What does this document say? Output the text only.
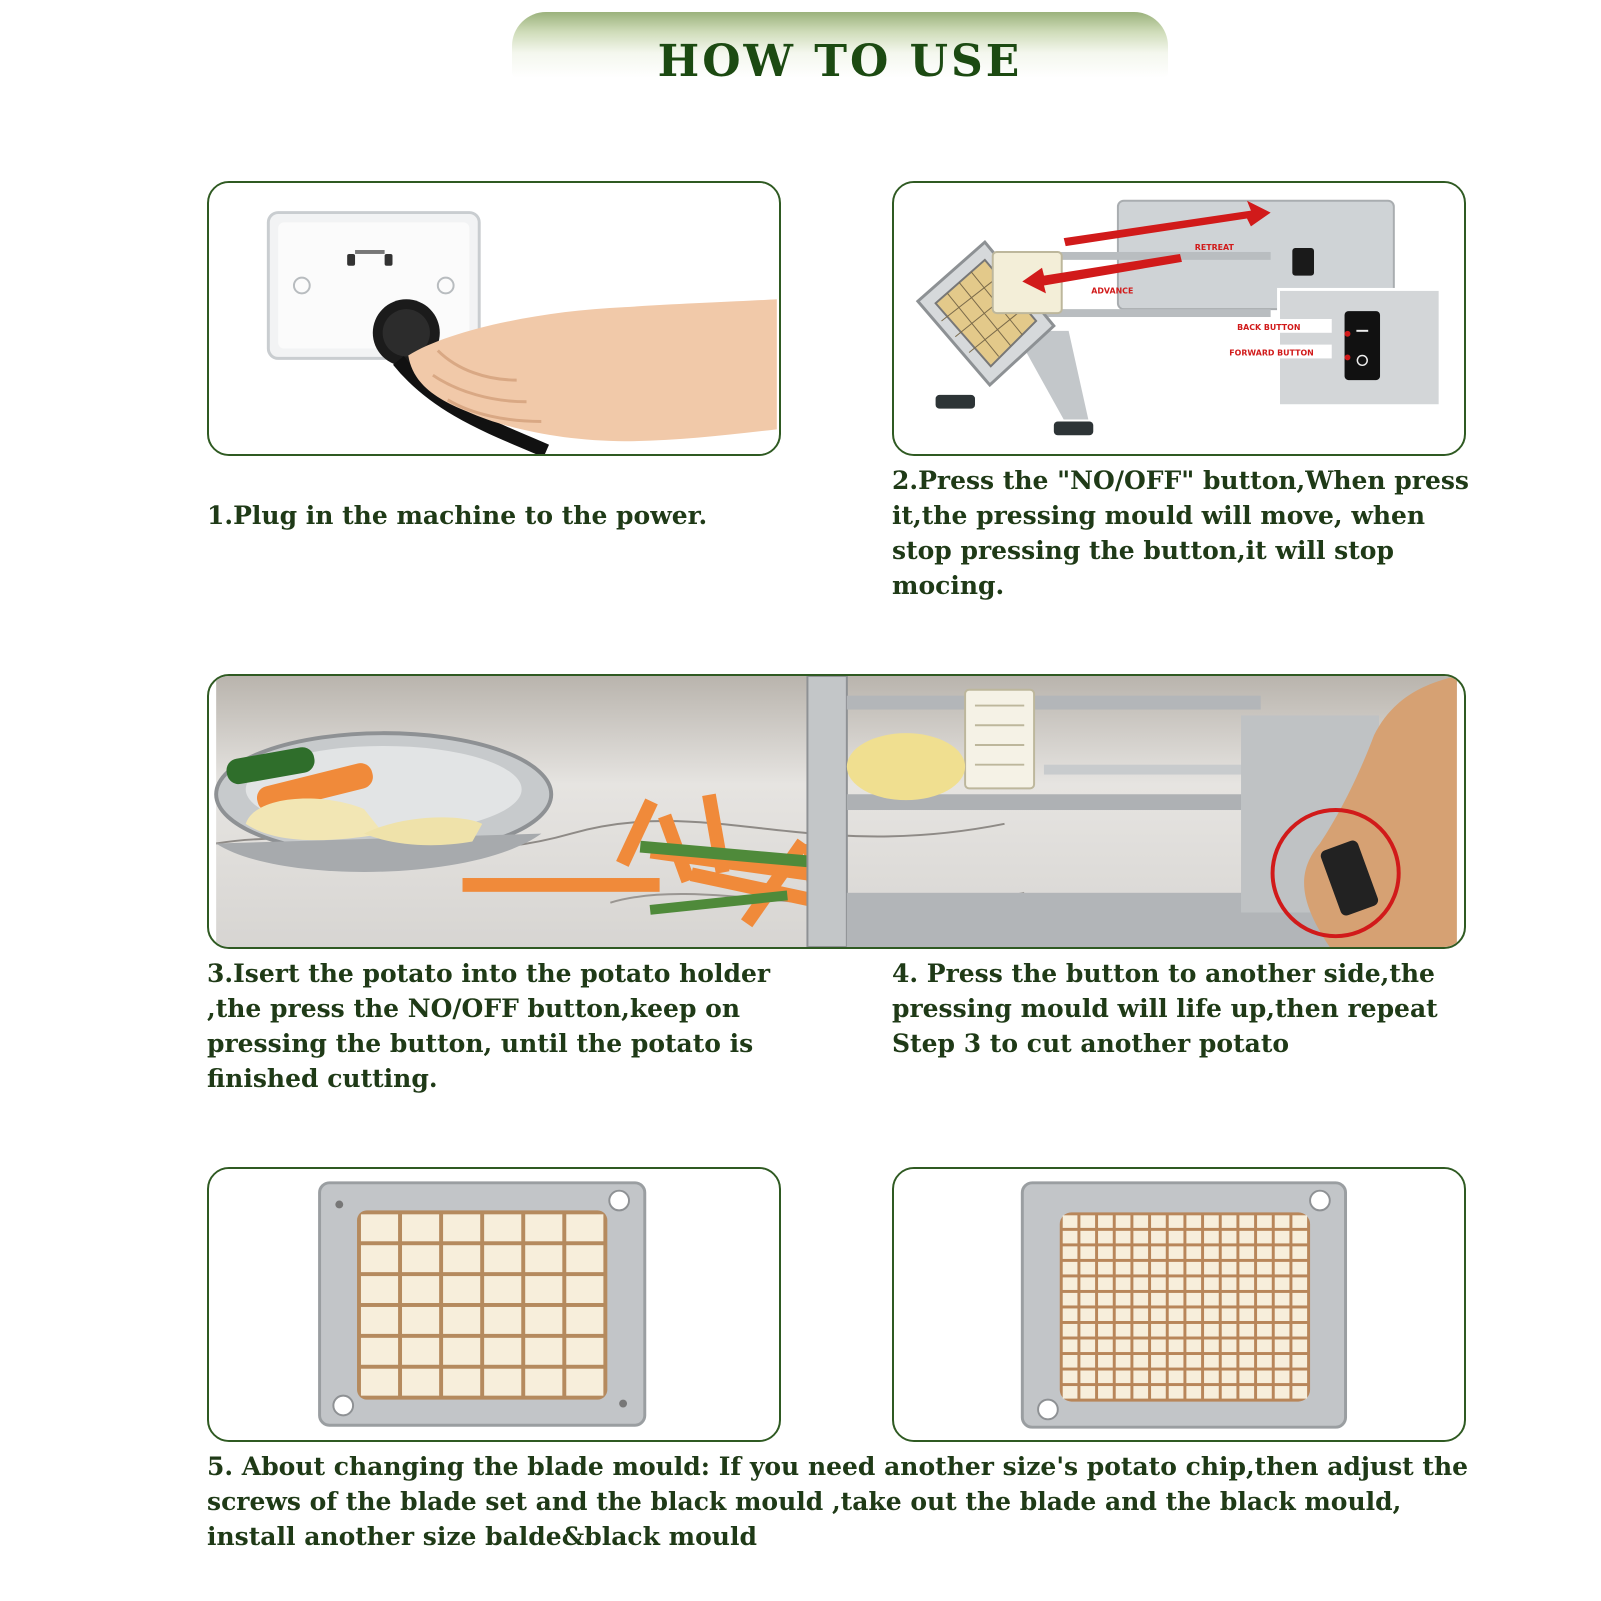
HOW TO USE
RETREAT
ADVANCE
BACK BUTTON
FORWARD BUTTON

1.Plug in the machine to the power.

2.Press the "NO/OFF" button,When press it,the pressing mould will move, when stop pressing the button,it will stop mocing.

3.Isert the potato into the potato holder ,the press the NO/OFF button,keep on pressing the button, until the potato is finished cutting.

4. Press the button to another side,the pressing mould will life up,then repeat Step 3 to cut another potato

5. About changing the blade mould: If you need another size's potato chip,then adjust the screws of the blade set and the black mould ,take out the blade and the black mould, install another size balde&black mould
